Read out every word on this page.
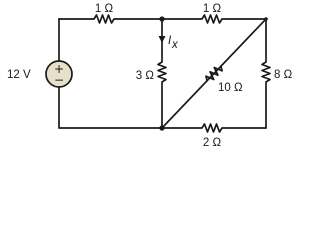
+
−
12 V
1 Ω	1 Ω
3 Ω
I x
10 Ω
8 Ω
2 Ω
